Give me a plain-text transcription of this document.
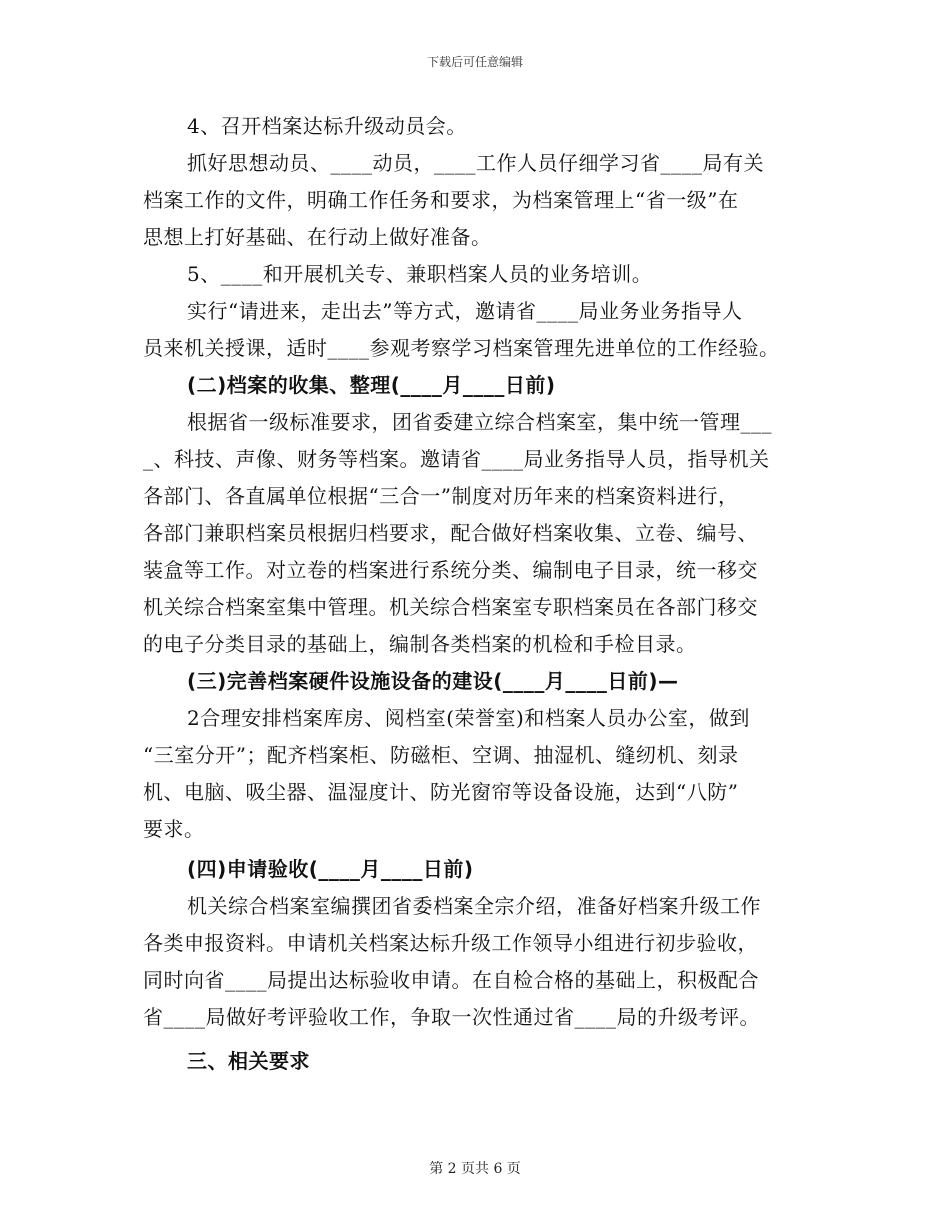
下载后可任意编辑
4、召开档案达标升级动员会。
抓好思想动员、____动员，____工作人员仔细学习省____局有关
档案工作的文件，明确工作任务和要求，为档案管理上“省一级”在
思想上打好基础、在行动上做好准备。
5、____和开展机关专、兼职档案人员的业务培训。
实行“请进来，走出去”等方式，邀请省____局业务业务指导人
员来机关授课，适时____参观考察学习档案管理先进单位的工作经验。
(二)档案的收集、整理(____月____日前)
根据省一级标准要求，团省委建立综合档案室，集中统一管理___
_、科技、声像、财务等档案。邀请省____局业务指导人员，指导机关
各部门、各直属单位根据“三合一”制度对历年来的档案资料进行，
各部门兼职档案员根据归档要求，配合做好档案收集、立卷、编号、
装盒等工作。对立卷的档案进行系统分类、编制电子目录，统一移交
机关综合档案室集中管理。机关综合档案室专职档案员在各部门移交
的电子分类目录的基础上，编制各类档案的机检和手检目录。
(三)完善档案硬件设施设备的建设(____月____日前)—
2合理安排档案库房、阅档室(荣誉室)和档案人员办公室，做到
“三室分开”；配齐档案柜、防磁柜、空调、抽湿机、缝纫机、刻录
机、电脑、吸尘器、温湿度计、防光窗帘等设备设施，达到“八防”
要求。
(四)申请验收(____月____日前)
机关综合档案室编撰团省委档案全宗介绍，准备好档案升级工作
各类申报资料。申请机关档案达标升级工作领导小组进行初步验收，
同时向省____局提出达标验收申请。在自检合格的基础上，积极配合
省____局做好考评验收工作，争取一次性通过省____局的升级考评。
三、相关要求
第 2 页共 6 页
